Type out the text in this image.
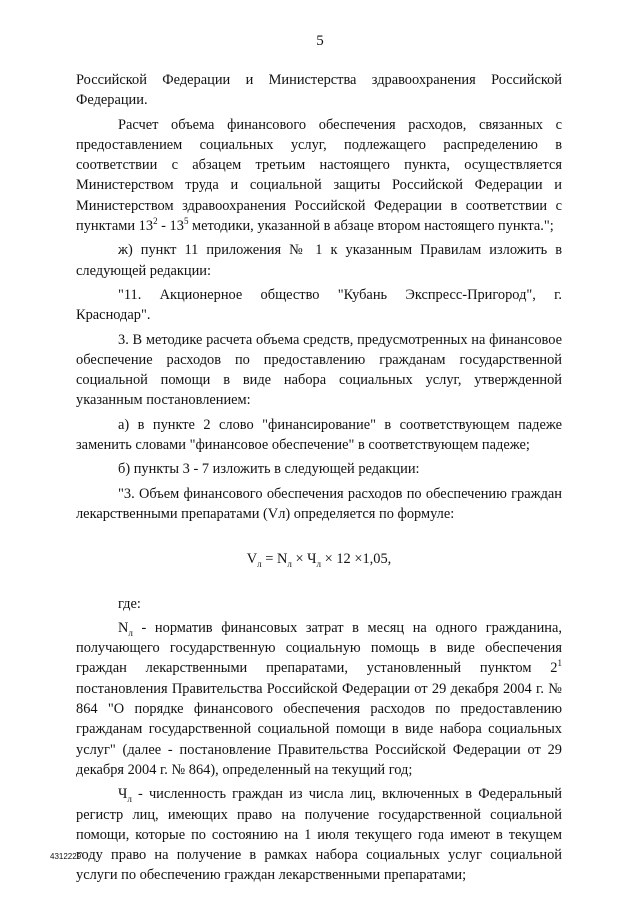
5

Российской Федерации и Министерства здравоохранения Российской Федерации.

Расчет объема финансового обеспечения расходов, связанных с предоставлением социальных услуг, подлежащего распределению в соответствии с абзацем третьим настоящего пункта, осуществляется Министерством труда и социальной защиты Российской Федерации и Министерством здравоохранения Российской Федерации в соответствии с пунктами $13^2 - 13^5$ методики, указанной в абзаце втором настоящего пункта.";

ж) пункт 11 приложения № 1 к указанным Правилам изложить в следующей редакции:

"11. Акционерное общество "Кубань Экспресс-Пригород", г. Краснодар".

3. В методике расчета объема средств, предусмотренных на финансовое обеспечение расходов по предоставлению гражданам государственной социальной помощи в виде набора социальных услуг, утвержденной указанным постановлением:

а) в пункте 2 слово "финансирование" в соответствующем падеже заменить словами "финансовое обеспечение" в соответствующем падеже;

б) пункты 3 - 7 изложить в следующей редакции:

"3. Объем финансового обеспечения расходов по обеспечению граждан лекарственными препаратами (Vл) определяется по формуле:

$V_л = N_л \times Ч_л \times 12 \times 1,05$,

где:

$N_л$ - норматив финансовых затрат в месяц на одного гражданина, получающего государственную социальную помощь в виде обеспечения граждан лекарственными препаратами, установленный пунктом $2^1$ постановления Правительства Российской Федерации от 29 декабря 2004 г. № 864 "О порядке финансового обеспечения расходов по предоставлению гражданам государственной социальной помощи в виде набора социальных услуг" (далее - постановление Правительства Российской Федерации от 29 декабря 2004 г. № 864), определенный на текущий год;

$Ч_л$ - численность граждан из числа лиц, включенных в Федеральный регистр лиц, имеющих право на получение государственной социальной помощи, которые по состоянию на 1 июля текущего года имеют в текущем году право на получение в рамках набора социальных услуг социальной услуги по обеспечению граждан лекарственными препаратами;

4312229
